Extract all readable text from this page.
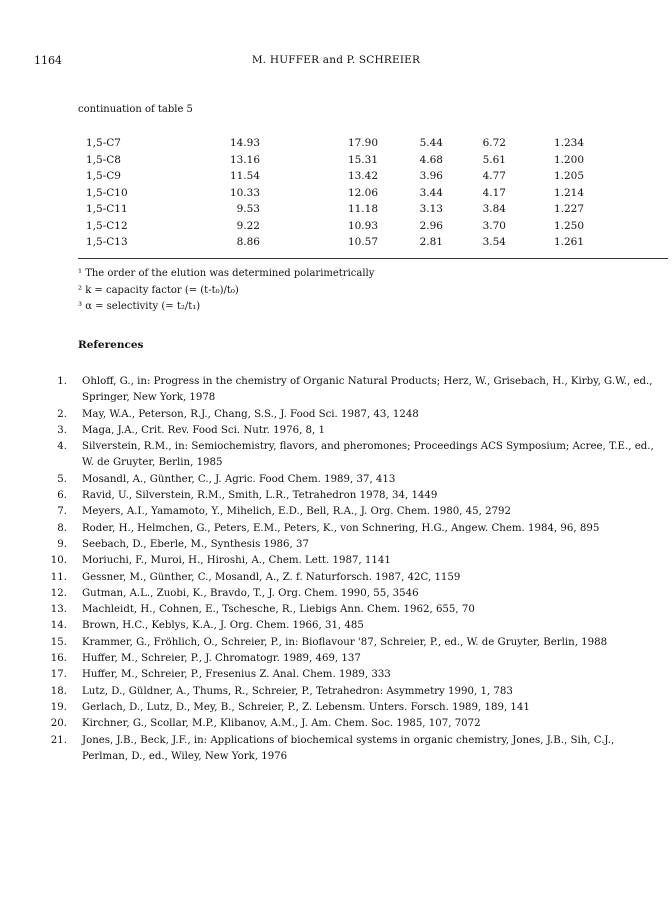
1164	M. HUFFER and P. SCHREIER
continuation of table 5
1,5-C7	14.93	17.90	5.44	6.72	1.234
1,5-C8	13.16	15.31	4.68	5.61	1.200
1,5-C9	11.54	13.42	3.96	4.77	1.205
1,5-C10	10.33	12.06	3.44	4.17	1.214
1,5-C11	9.53	11.18	3.13	3.84	1.227
1,5-C12	9.22	10.93	2.96	3.70	1.250
1,5-C13	8.86	10.57	2.81	3.54	1.261
¹ The order of the elution was determined polarimetrically
² k = capacity factor (= (t-t₀)/t₀)
³ α = selectivity (= t₂/t₁)
References
1. Ohloff, G., in: Progress in the chemistry of Organic Natural Products; Herz, W., Grisebach, H., Kirby, G.W., ed., Springer, New York, 1978
2. May, W.A., Peterson, R.J., Chang, S.S., J. Food Sci. 1987, 43, 1248
3. Maga, J.A., Crit. Rev. Food Sci. Nutr. 1976, 8, 1
4. Silverstein, R.M., in: Semiochemistry, flavors, and pheromones; Proceedings ACS Symposium; Acree, T.E., ed., W. de Gruyter, Berlin, 1985
5. Mosandl, A., Günther, C., J. Agric. Food Chem. 1989, 37, 413
6. Ravid, U., Silverstein, R.M., Smith, L.R., Tetrahedron 1978, 34, 1449
7. Meyers, A.I., Yamamoto, Y., Mihelich, E.D., Bell, R.A., J. Org. Chem. 1980, 45, 2792
8. Roder, H., Helmchen, G., Peters, E.M., Peters, K., von Schnering, H.G., Angew. Chem. 1984, 96, 895
9. Seebach, D., Eberle, M., Synthesis 1986, 37
10. Moriuchi, F., Muroi, H., Hiroshi, A., Chem. Lett. 1987, 1141
11. Gessner, M., Günther, C., Mosandl, A., Z. f. Naturforsch. 1987, 42C, 1159
12. Gutman, A.L., Zuobi, K., Bravdo, T., J. Org. Chem. 1990, 55, 3546
13. Machleidt, H., Cohnen, E., Tschesche, R., Liebigs Ann. Chem. 1962, 655, 70
14. Brown, H.C., Keblys, K.A., J. Org. Chem. 1966, 31, 485
15. Krammer, G., Fröhlich, O., Schreier, P., in: Bioflavour '87, Schreier, P., ed., W. de Gruyter, Berlin, 1988
16. Huffer, M., Schreier, P., J. Chromatogr. 1989, 469, 137
17. Huffer, M., Schreier, P., Fresenius Z. Anal. Chem. 1989, 333
18. Lutz, D., Güldner, A., Thums, R., Schreier, P., Tetrahedron: Asymmetry 1990, 1, 783
19. Gerlach, D., Lutz, D., Mey, B., Schreier, P., Z. Lebensm. Unters. Forsch. 1989, 189, 141
20. Kirchner, G., Scollar, M.P., Klibanov, A.M., J. Am. Chem. Soc. 1985, 107, 7072
21. Jones, J.B., Beck, J.F., in: Applications of biochemical systems in organic chemistry, Jones, J.B., Sih, C.J., Perlman, D., ed., Wiley, New York, 1976
